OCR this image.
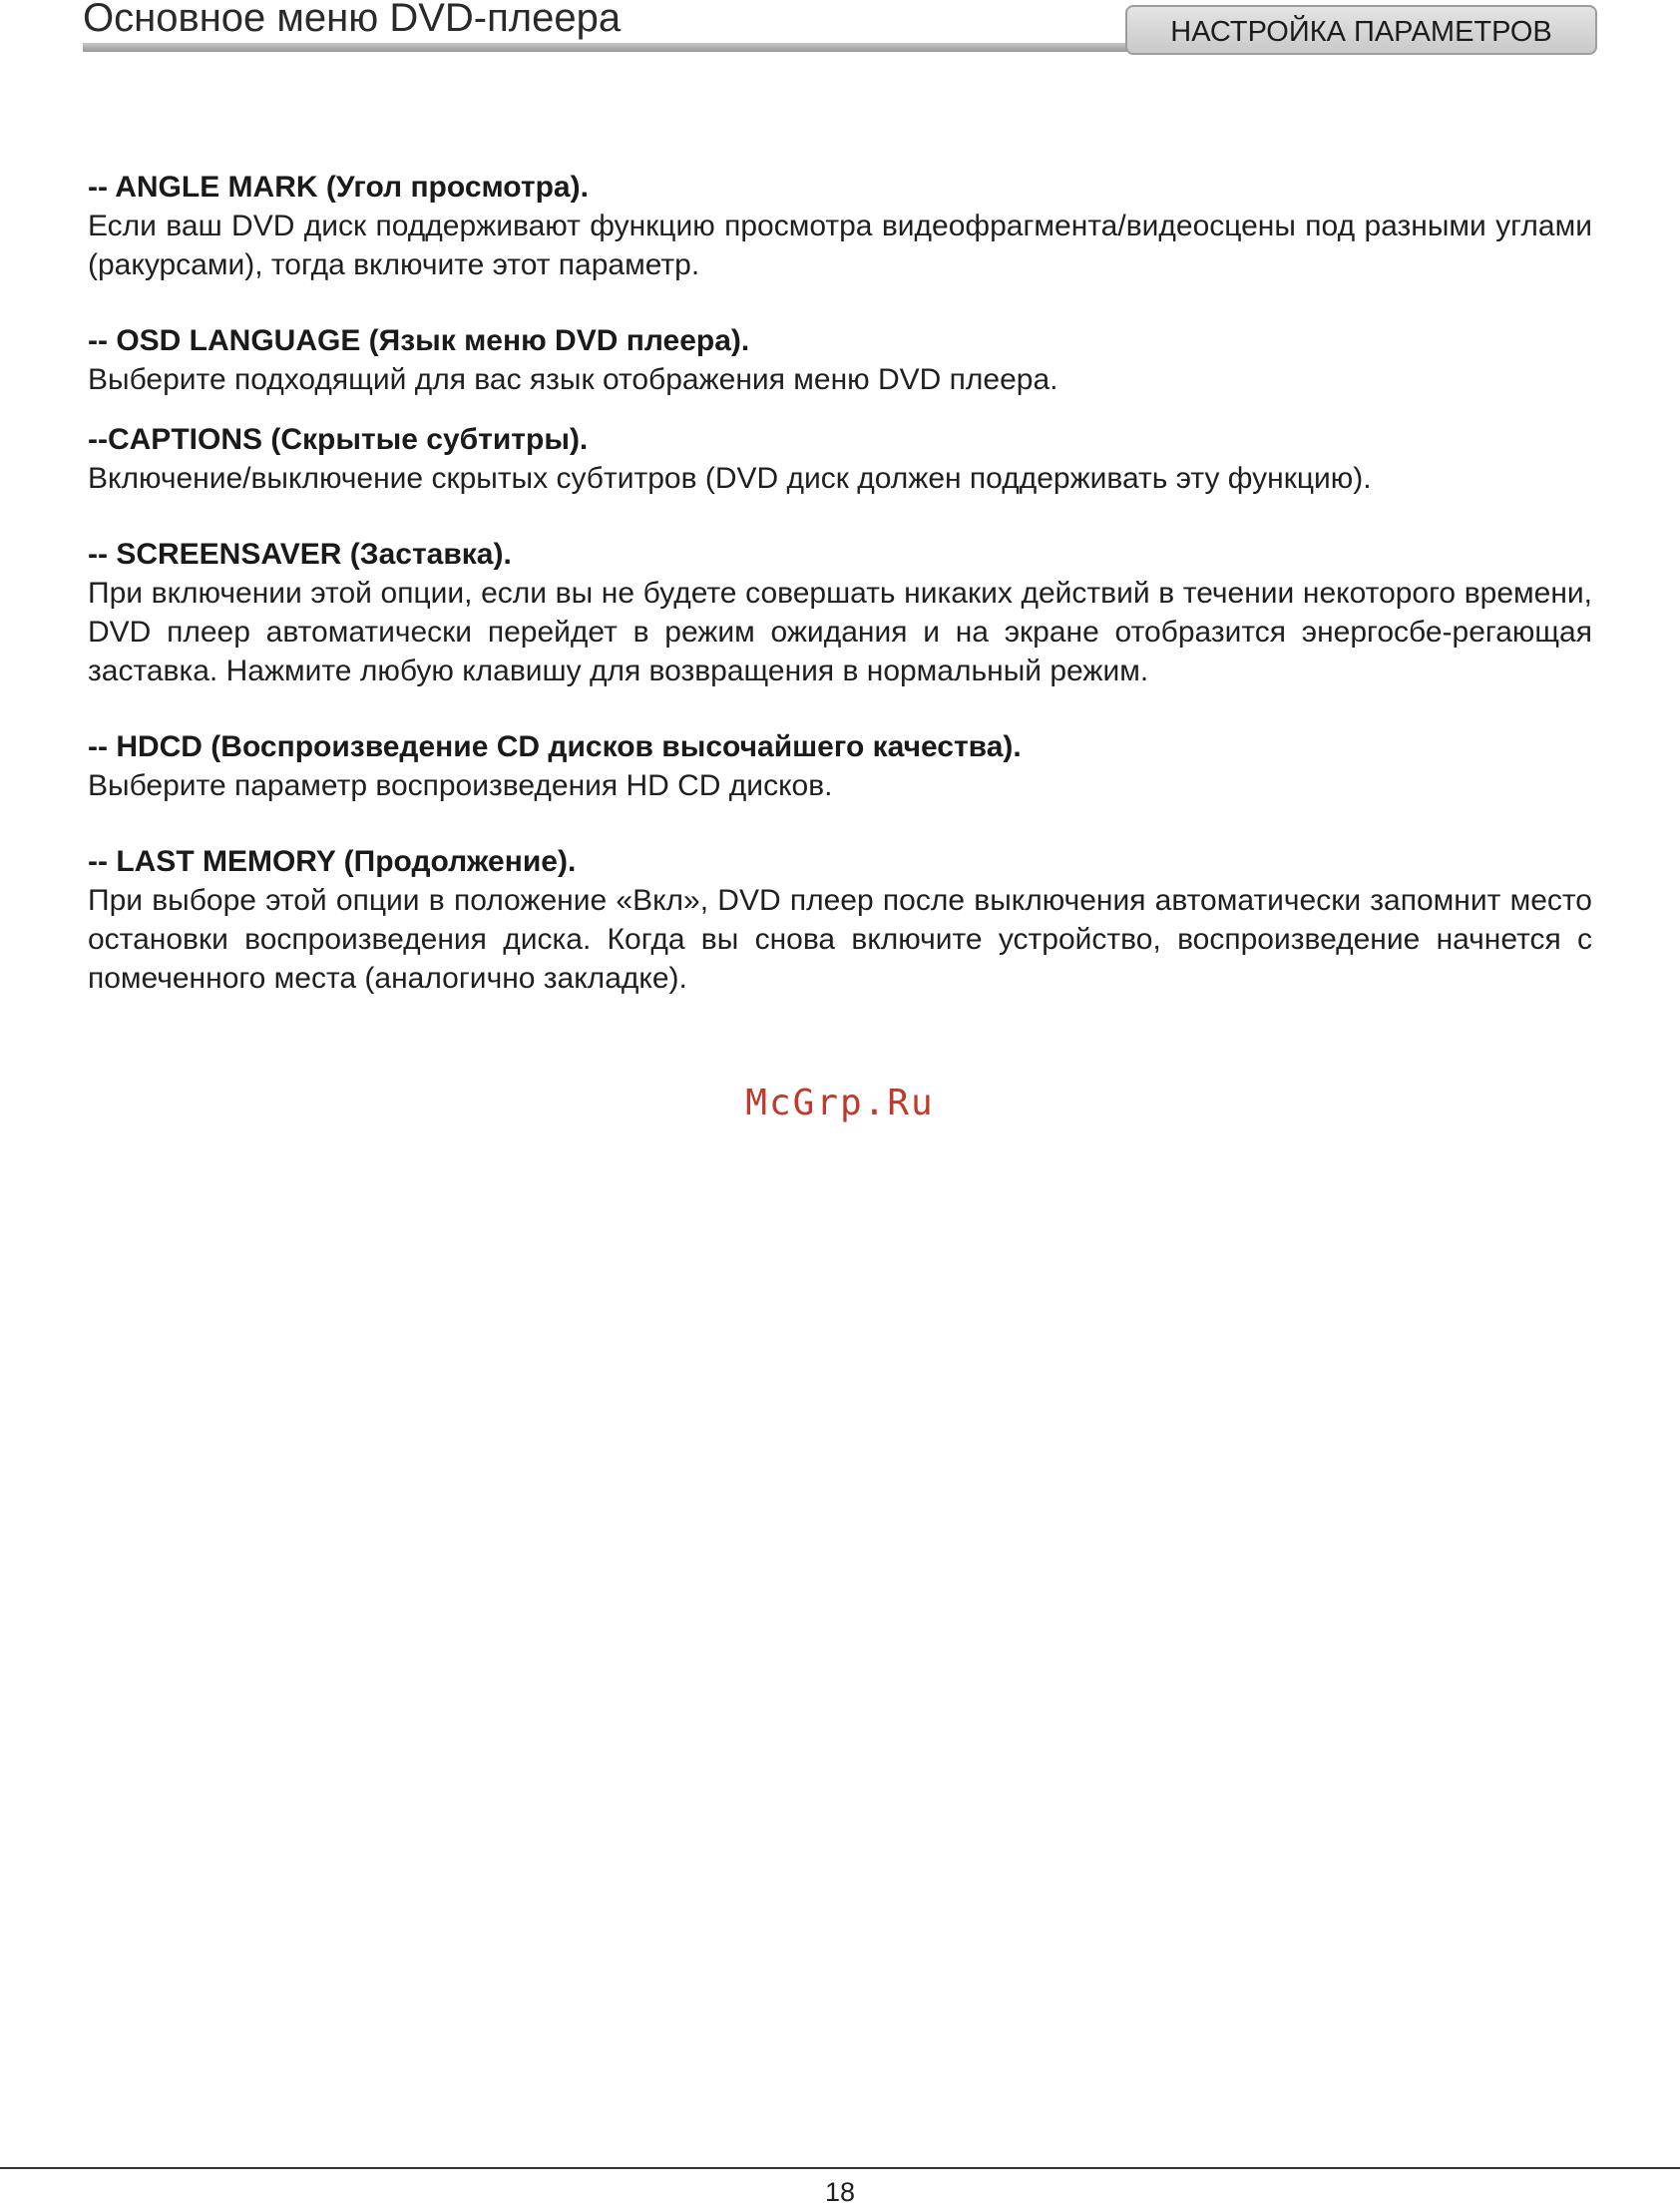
Основное меню DVD-плеера	НАСТРОЙКА ПАРАМЕТРОВ

-- ANGLE MARK (Угол просмотра).

Если ваш DVD диск поддерживают функцию просмотра видеофрагмента/видеосцены под разными углами (ракурсами), тогда включите этот параметр.

-- OSD LANGUAGE (Язык меню DVD плеера).

Выберите подходящий для вас язык отображения меню DVD плеера.

--CAPTIONS (Скрытые субтитры).

Включение/выключение скрытых субтитров (DVD диск должен поддерживать эту функцию).

-- SCREENSAVER (Заставка).

При включении этой опции, если вы не будете совершать никаких действий в течении некоторого времени, DVD плеер автоматически перейдет в режим ожидания и на экране отобразится энергосбе-регающая заставка. Нажмите любую клавишу для возвращения в нормальный режим.

-- HDCD (Воспроизведение CD дисков высочайшего качества).

Выберите параметр воспроизведения HD CD дисков.

-- LAST MEMORY (Продолжение).

При выборе этой опции в положение «Вкл», DVD плеер после выключения автоматически запомнит место остановки воспроизведения диска. Когда вы снова включите устройство, воспроизведение начнется с помеченного места (аналогично закладке).

McGrp.Ru
18
